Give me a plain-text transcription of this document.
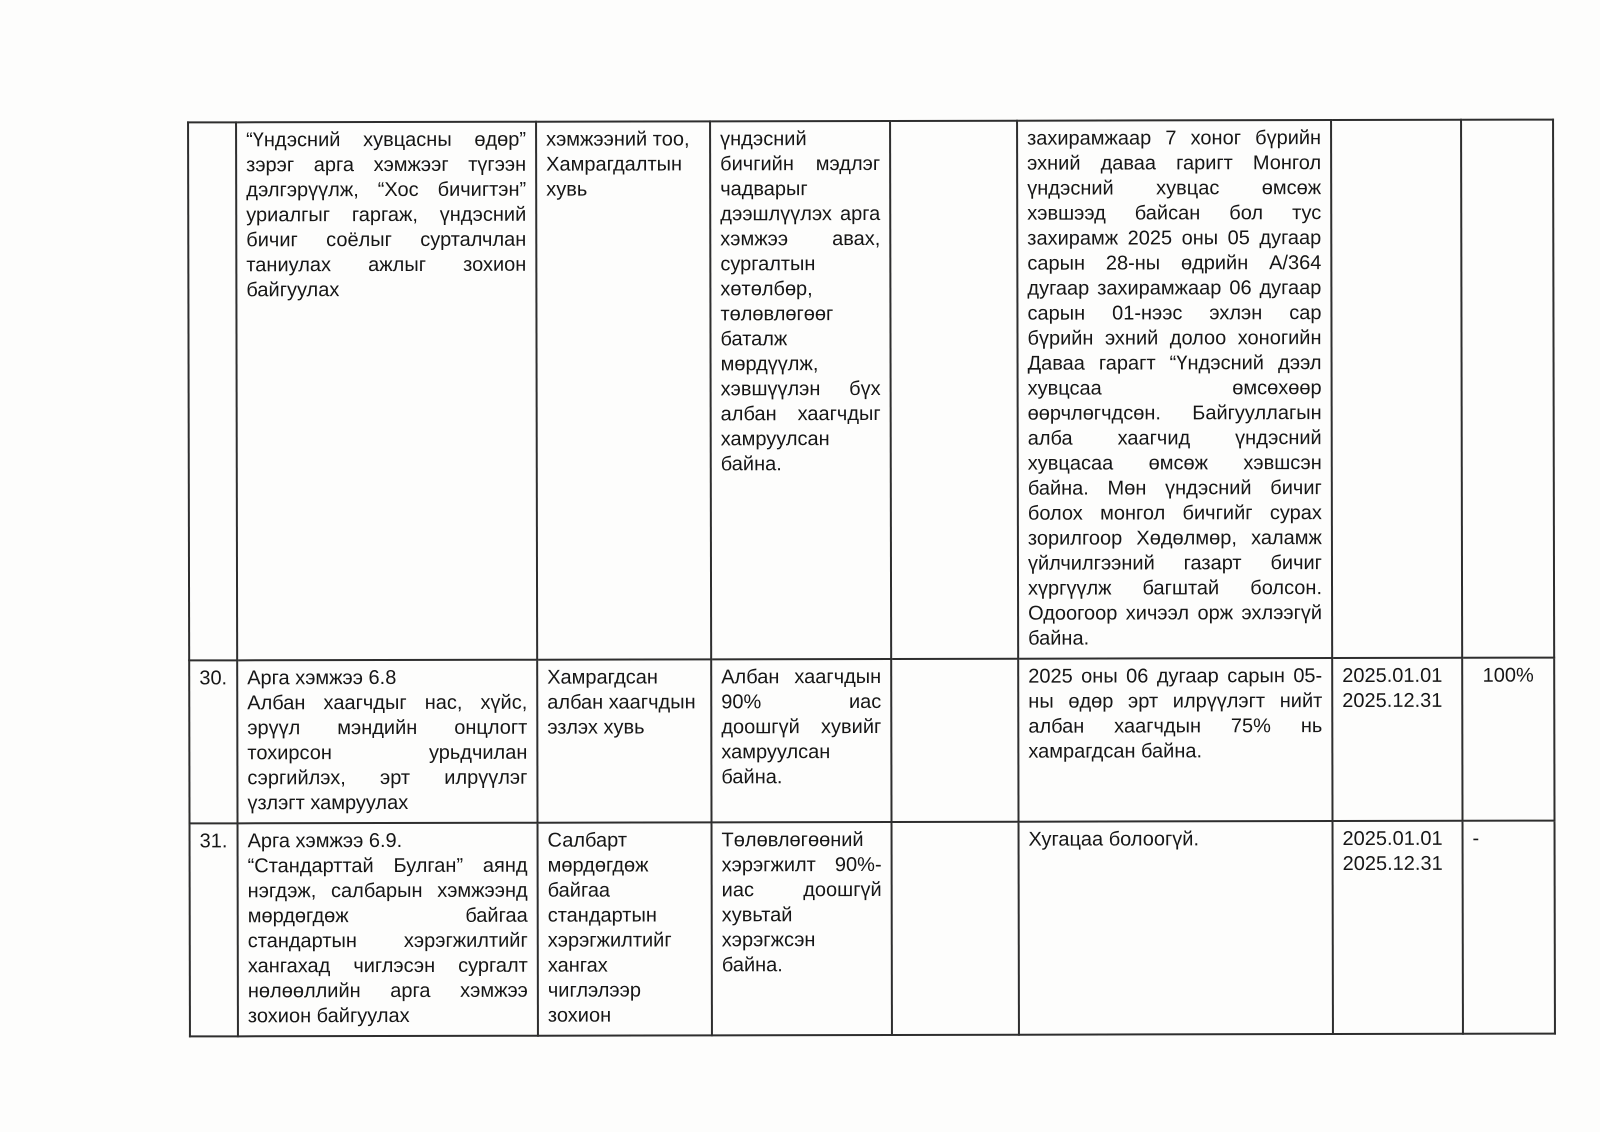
	“Үндэсний хувцасны өдөр” зэрэг арга хэмжээг түгээн дэлгэрүүлж, “Хос бичигтэн” уриалгыг гаргаж, үндэсний бичиг соёлыг сурталчлан таниулах ажлыг зохион байгуулах	хэмжээний тоо, Хамрагдалтын хувь	үндэсний бичгийн мэдлэг чадварыг дээшлүүлэх арга хэмжээ авах, сургалтын хөтөлбөр, төлөвлөгөөг баталж мөрдүүлж, хэвшүүлэн бүх албан хаагчдыг хамруулсан байна.		захирамжаар 7 хоног бүрийн эхний даваа гаригт Монгол үндэсний хувцас өмсөж хэвшээд байсан бол тус захирамж 2025 оны 05 дугаар сарын 28-ны өдрийн А/364 дугаар захирамжаар 06 дугаар сарын 01-нээс эхлэн сар бүрийн эхний долоо хоногийн Даваа гарагт “Үндэсний дээл хувцсаа өмсөхөөр өөрчлөгчдсөн. Байгууллагын алба хаагчид үндэсний хувцасаа өмсөж хэвшсэн байна. Мөн үндэсний бичиг болох монгол бичгийг сурах зорилгоор Хөдөлмөр, халамж үйлчилгээний газарт бичиг хүргүүлж багштай болсон. Одоогоор хичээл орж эхлээгүй байна.		
30.	Арга хэмжээ 6.8
Албан хаагчдыг нас, хүйс, эрүүл мэндийн онцлогт тохирсон урьдчилан сэргийлэх, эрт илрүүлэг үзлэгт хамруулах	Хамрагдсан албан хаагчдын эзлэх хувь	Албан хаагчдын 90% иас доошгүй хувийг хамруулсан байна.		2025 оны 06 дугаар сарын 05-ны өдөр эрт илрүүлэгт нийт албан хаагчдын 75% нь хамрагдсан байна.	2025.01.01
2025.12.31	100%
31.	Арга хэмжээ 6.9.
“Стандарттай Булган” аянд нэгдэж, салбарын хэмжээнд мөрдөгдөж байгаа стандартын хэрэгжилтийг хангахад чиглэсэн сургалт нөлөөллийн арга хэмжээ зохион байгуулах	Салбарт мөрдөгдөж байгаа стандартын хэрэгжилтийг хангах чиглэлээр зохион	Төлөвлөгөөний хэрэгжилт 90%-иас доошгүй хувьтай хэрэгжсэн байна.		Хугацаа болоогүй.	2025.01.01
2025.12.31	-
